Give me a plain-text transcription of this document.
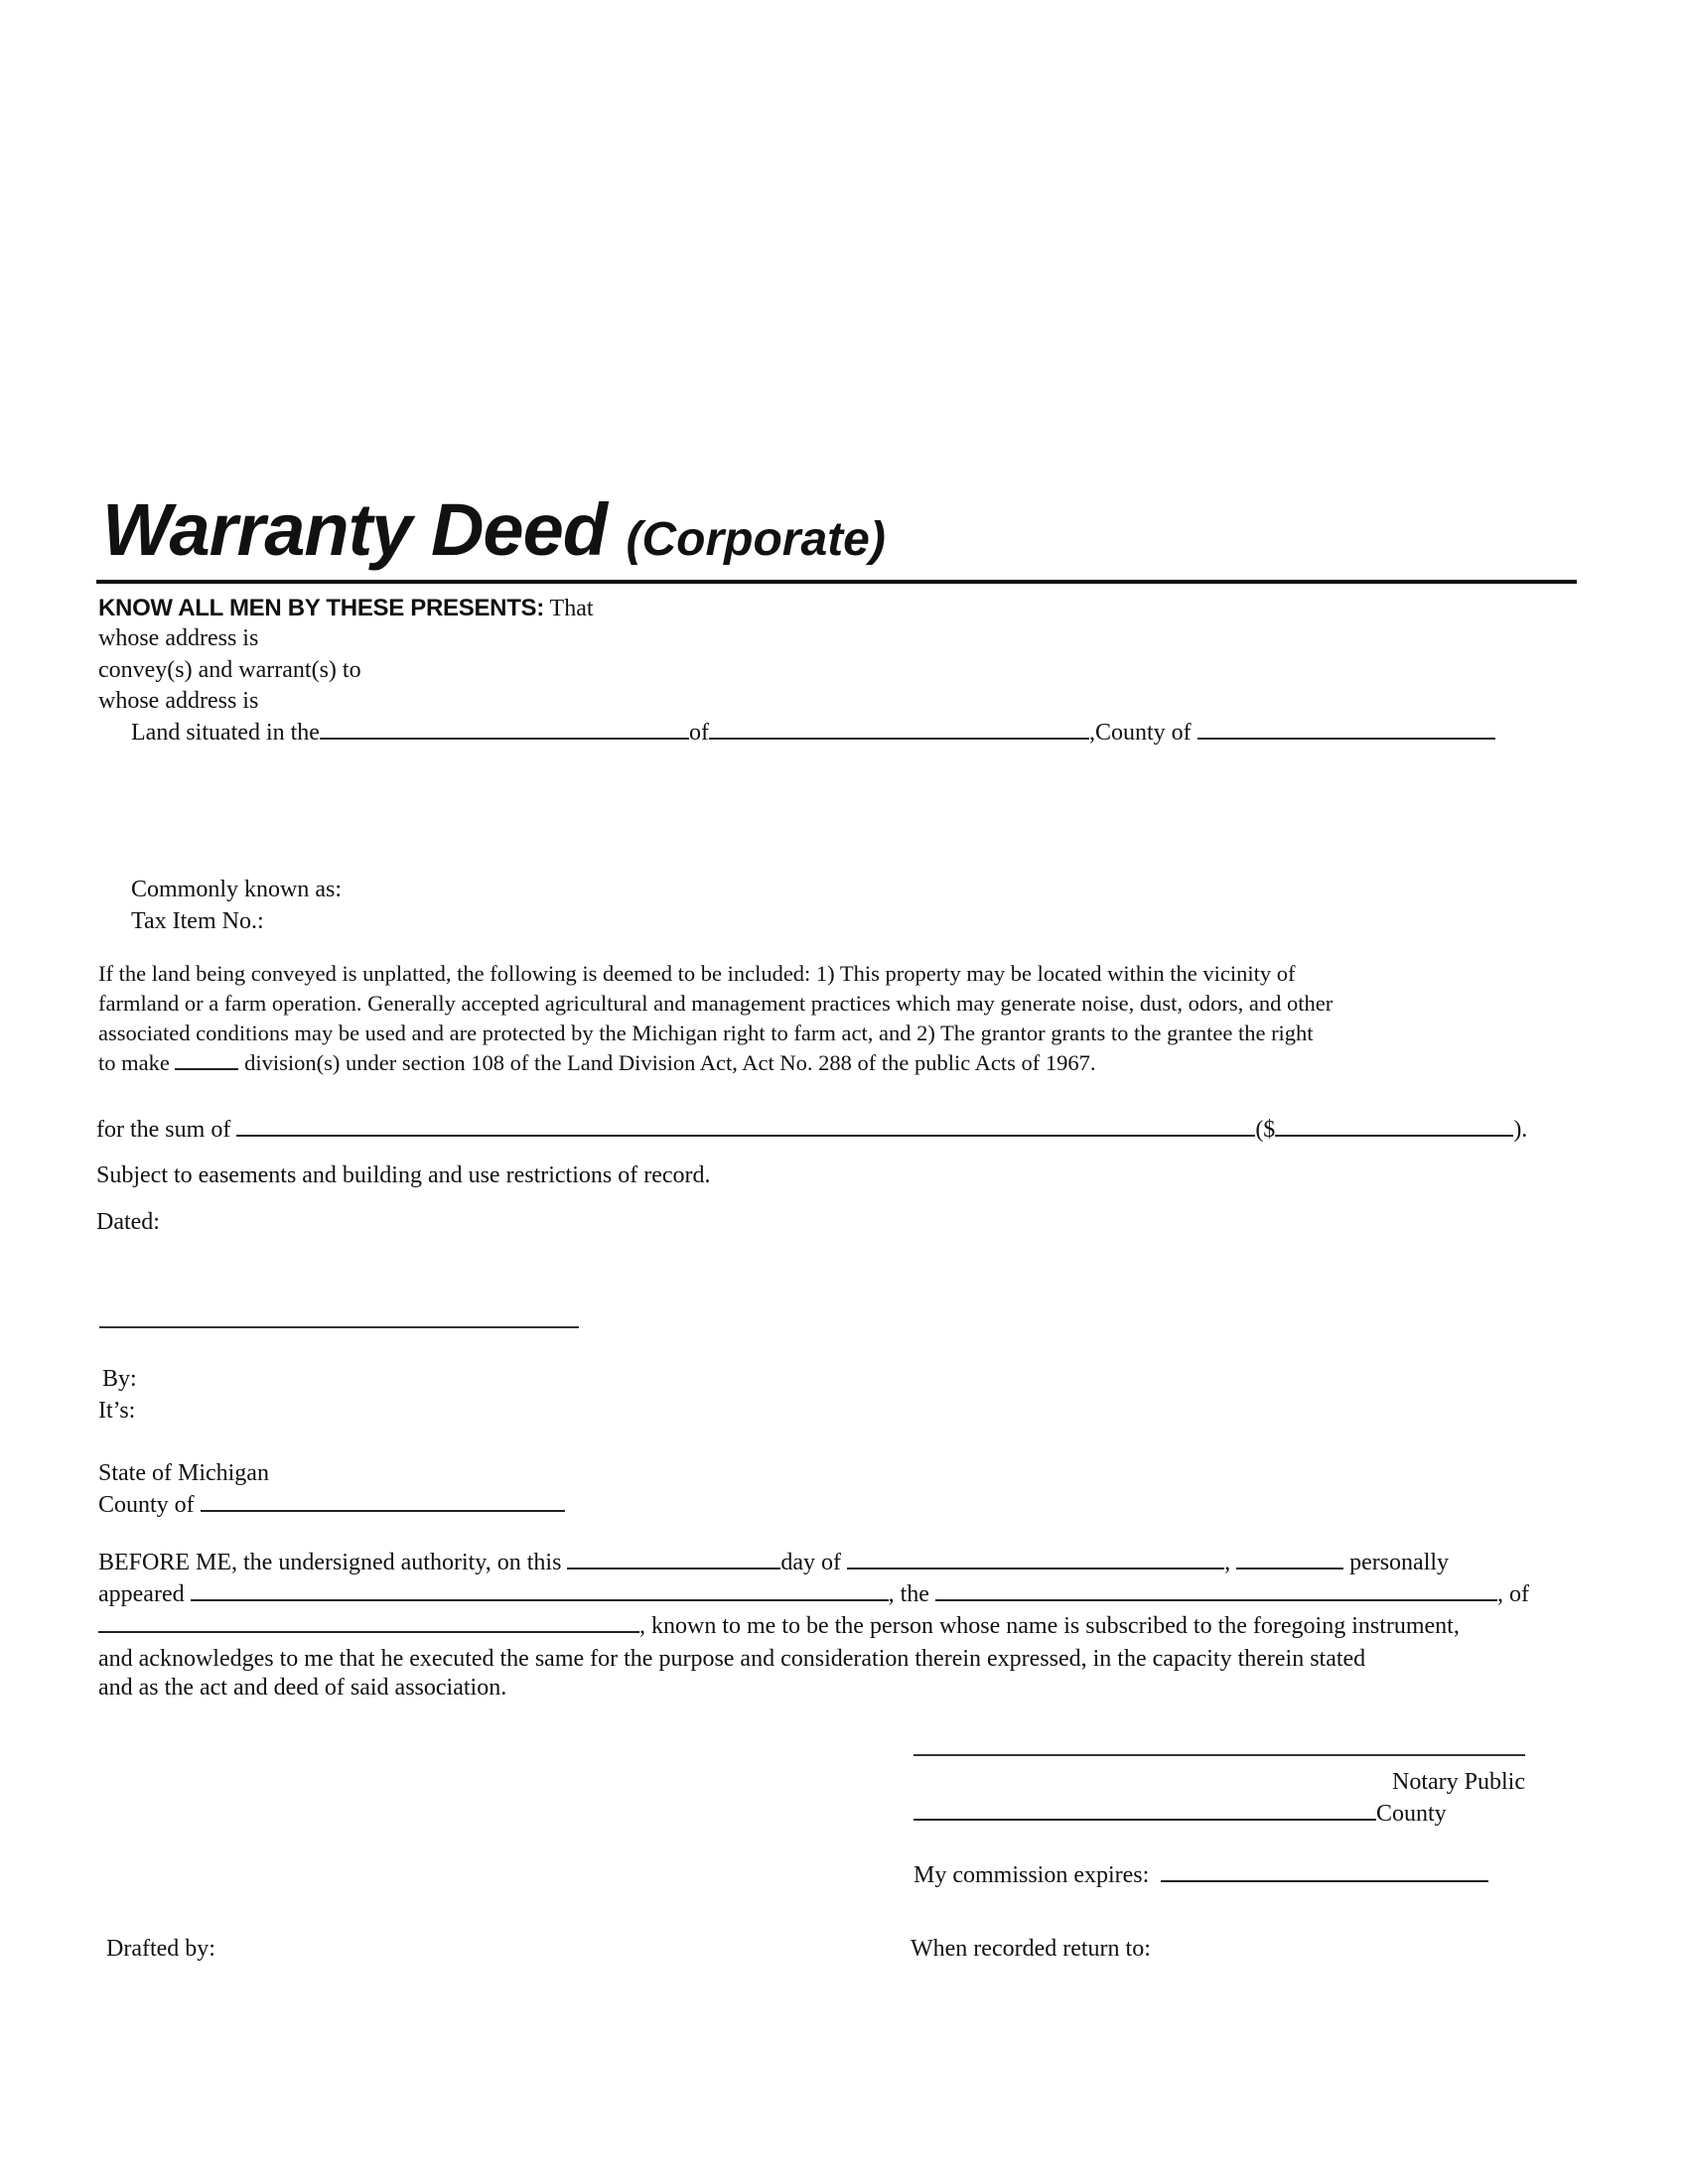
Warranty Deed (Corporate)
KNOW ALL MEN BY THESE PRESENTS: That
whose address is
convey(s) and warrant(s) to
whose address is
Land situated in the	of	,County of
Commonly known as:
Tax Item No.:
If the land being conveyed is unplatted, the following is deemed to be included: 1) This property may be located within the vicinity of
farmland or a farm operation. Generally accepted agricultural and management practices which may generate noise, dust, odors, and other
associated conditions may be used and are protected by the Michigan right to farm act, and 2) The grantor grants to the grantee the right
to make	division(s) under section 108 of the Land Division Act, Act No. 288 of the public Acts of 1967.
for the sum of	($	).
Subject to easements and building and use restrictions of record.
Dated:
By:
It’s:
State of Michigan
County of
BEFORE ME, the undersigned authority, on this	day of	,	personally
appeared	, the	, of
, known to me to be the person whose name is subscribed to the foregoing instrument,
and acknowledges to me that he executed the same for the purpose and consideration therein expressed, in the capacity therein stated
and as the act and deed of said association.
Notary Public
County
My commission expires:
Drafted by:	When recorded return to:
